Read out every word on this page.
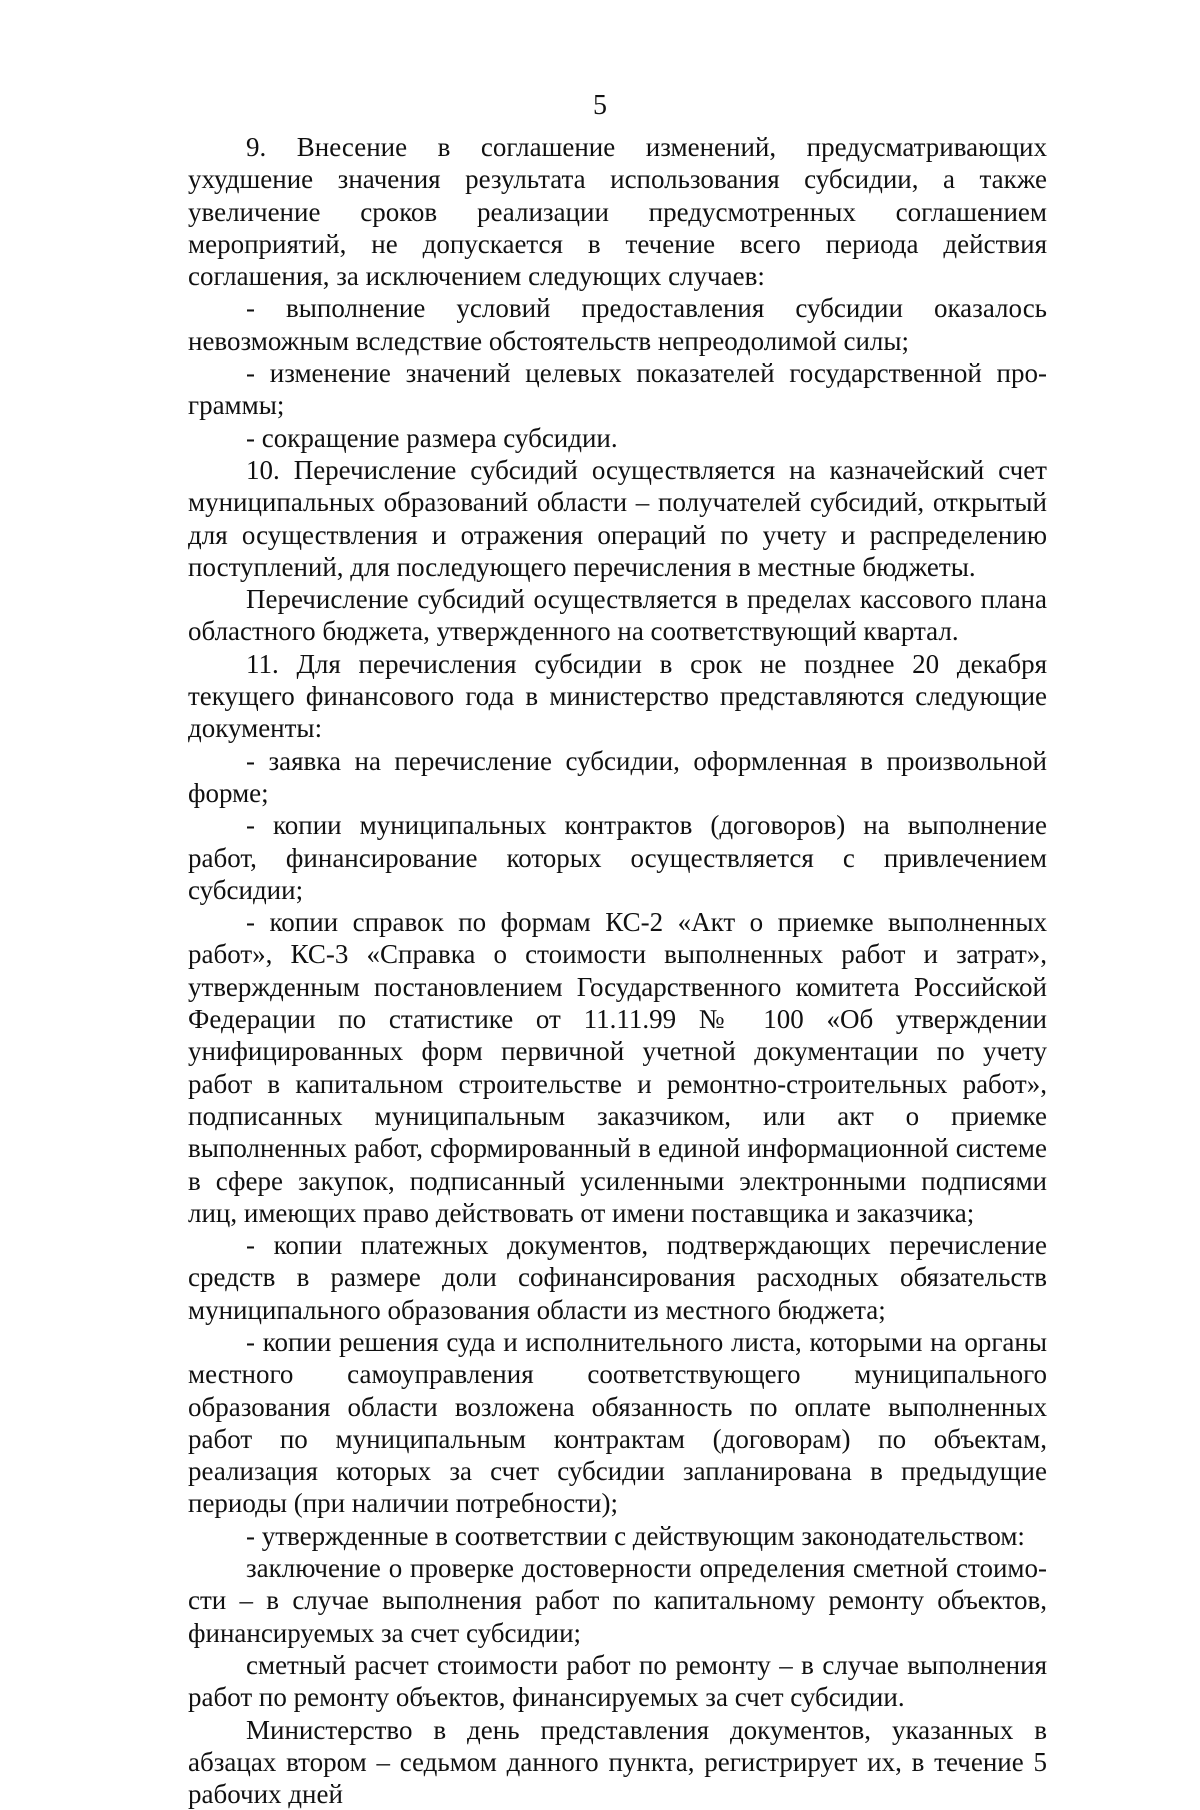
5

9. Внесение в соглашение изменений, предусматривающих ухудшение значения результата использования субсидии, а также увеличение сроков реализации предусмотренных соглашением мероприятий, не допускается в течение всего периода действия соглашения, за исключением следующих случаев:

- выполнение условий предоставления субсидии оказалось невозможным вследствие обстоятельств непреодолимой силы;

- изменение значений целевых показателей государственной программы;

- сокращение размера субсидии.

10. Перечисление субсидий осуществляется на казначейский счет муниципальных образований области – получателей субсидий, открытый для осуществления и отражения операций по учету и распределению поступлений, для последующего перечисления в местные бюджеты.

Перечисление субсидий осуществляется в пределах кассового плана областного бюджета, утвержденного на соответствующий квартал.

11. Для перечисления субсидии в срок не позднее 20 декабря текущего финансового года в министерство представляются следующие документы:

- заявка на перечисление субсидии, оформленная в произвольной форме;

- копии муниципальных контрактов (договоров) на выполнение работ, финансирование которых осуществляется с привлечением субсидии;

- копии справок по формам КС-2 «Акт о приемке выполненных работ», КС-3 «Справка о стоимости выполненных работ и затрат», утвержденным постановлением Государственного комитета Российской Федерации по статистике от 11.11.99 № 100 «Об утверждении унифицированных форм первичной учетной документации по учету работ в капитальном строительстве и ремонтно-строительных работ», подписанных муниципальным заказчиком, или акт о приемке выполненных работ, сформированный в единой информационной системе в сфере закупок, подписанный усиленными электронными подписями лиц, имеющих право действовать от имени поставщика и заказчика;

- копии платежных документов, подтверждающих перечисление средств в размере доли софинансирования расходных обязательств муниципального образования области из местного бюджета;

- копии решения суда и исполнительного листа, которыми на органы местного самоуправления соответствующего муниципального образования области возложена обязанность по оплате выполненных работ по муниципальным контрактам (договорам) по объектам, реализация которых за счет субсидии запланирована в предыдущие периоды (при наличии потребности);

- утвержденные в соответствии с действующим законодательством:

заключение о проверке достоверности определения сметной стоимости – в случае выполнения работ по капитальному ремонту объектов, финансируемых за счет субсидии;

сметный расчет стоимости работ по ремонту – в случае выполнения работ по ремонту объектов, финансируемых за счет субсидии.

Министерство в день представления документов, указанных в абзацах втором – седьмом данного пункта, регистрирует их, в течение 5 рабочих дней
